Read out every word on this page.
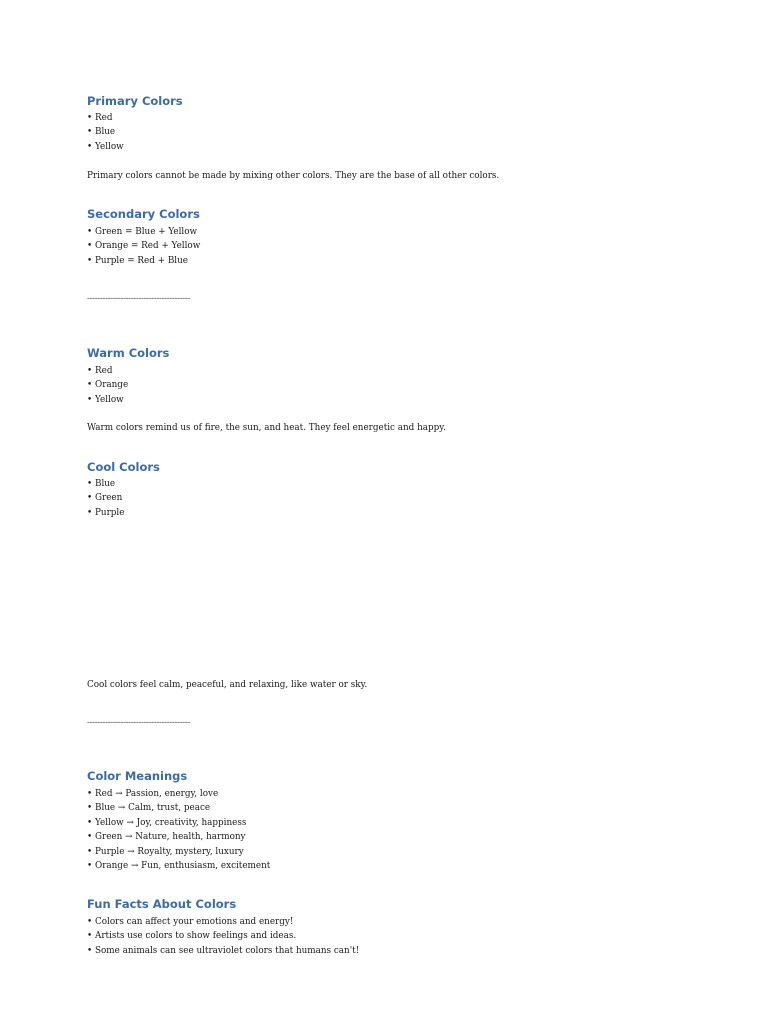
Primary Colors
• Red
• Blue
• Yellow

Primary colors cannot be made by mixing other colors. They are the base of all other colors.

Secondary Colors
• Green = Blue + Yellow
• Orange = Red + Yellow
• Purple = Red + Blue
----------------------------------------
Warm Colors
• Red
• Orange
• Yellow

Warm colors remind us of fire, the sun, and heat. They feel energetic and happy.

Cool Colors
• Blue
• Green
• Purple

Cool colors feel calm, peaceful, and relaxing, like water or sky.

----------------------------------------
Color Meanings
• Red → Passion, energy, love
• Blue → Calm, trust, peace
• Yellow → Joy, creativity, happiness
• Green → Nature, health, harmony
• Purple → Royalty, mystery, luxury
• Orange → Fun, enthusiasm, excitement
Fun Facts About Colors
• Colors can affect your emotions and energy!
• Artists use colors to show feelings and ideas.
• Some animals can see ultraviolet colors that humans can't!
